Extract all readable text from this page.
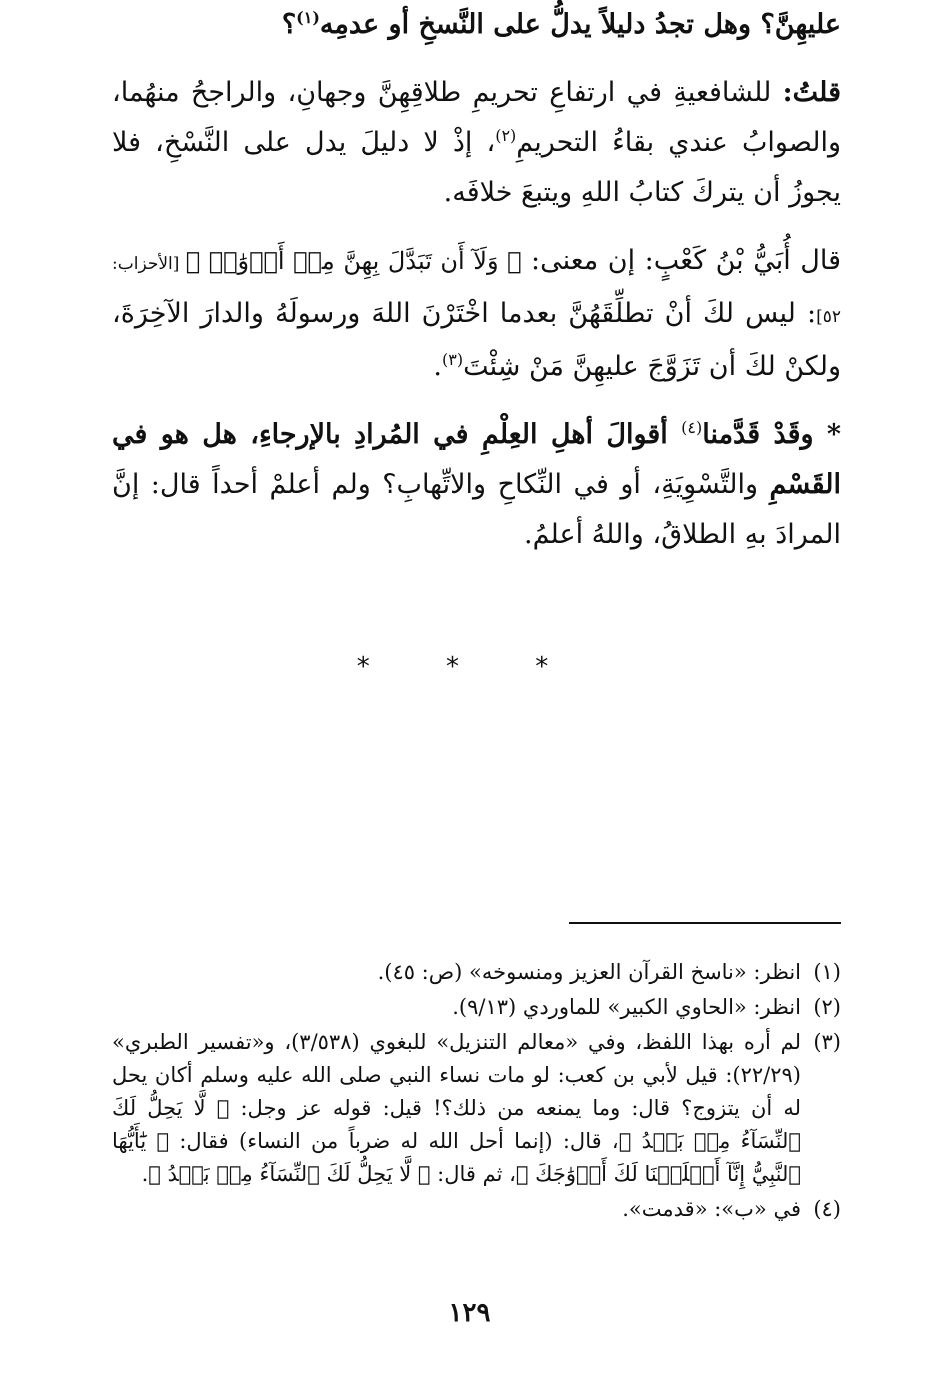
عليهِنَّ؟ وهل تجدُ دليلاً يدلُّ على النَّسخِ أو عدمِه$^{(١)}$؟

قلتُ: للشافعيةِ في ارتفاعِ تحريمِ طلاقِهِنَّ وجهانِ، والراجحُ منهُما، والصوابُ عندي بقاءُ التحريمِ$^{(٢)}$، إذْ لا دليلَ يدل على النَّسْخِ، فلا يجوزُ أن يتركَ كتابُ اللهِ ويتبعَ خلافَه.

قال أُبَيُّ بْنُ كَعْبٍ: إن معنى: ﴿ وَلَآ أَن تَبَدَّلَ بِهِنَّ مِنۡ أَزۡوَٰجٖ ﴾ [الأحزاب: ٥٢]: ليس لكَ أنْ تطلِّقَهُنَّ بعدما اخْتَرْنَ اللهَ ورسولَهُ والدارَ الآخِرَةَ، ولكنْ لكَ أن تَزَوَّجَ عليهِنَّ مَنْ شِئْتَ$^{(٣)}$.

* وقَدْ قَدَّمنا$^{(٤)}$ أقوالَ أهلِ العِلْمِ في المُرادِ بالإرجاءِ، هل هو في القَسْمِ والتَّسْوِيَةِ، أو في النِّكاحِ والاتِّهابِ؟ ولم أعلمْ أحداً قال: إنَّ المرادَ بهِ الطلاقُ، واللهُ أعلمُ.

* * *
(١)
انظر: «ناسخ القرآن العزيز ومنسوخه» (ص: ٤٥).
(٢)
انظر: «الحاوي الكبير» للماوردي (٩/١٣).
(٣)
لم أره بهذا اللفظ، وفي «معالم التنزيل» للبغوي (٣/٥٣٨)، و«تفسير الطبري» (٢٢/٢٩): قيل لأبي بن كعب: لو مات نساء النبي صلى الله عليه وسلم أكان يحل له أن يتزوج؟ قال: وما يمنعه من ذلك؟! قيل: قوله عز وجل: ﴿ لَّا يَحِلُّ لَكَ ٱلنِّسَآءُ مِنۢ بَعۡدُ ﴾، قال: (إنما أحل الله له ضرباً من النساء) فقال: ﴿ يَٰٓأَيُّهَا ٱلنَّبِيُّ إِنَّآ أَحۡلَلۡنَا لَكَ أَزۡوَٰجَكَ ﴾، ثم قال: ﴿ لَّا يَحِلُّ لَكَ ٱلنِّسَآءُ مِنۢ بَعۡدُ ﴾.
(٤)
في «ب»: «قدمت».
١٢٩
